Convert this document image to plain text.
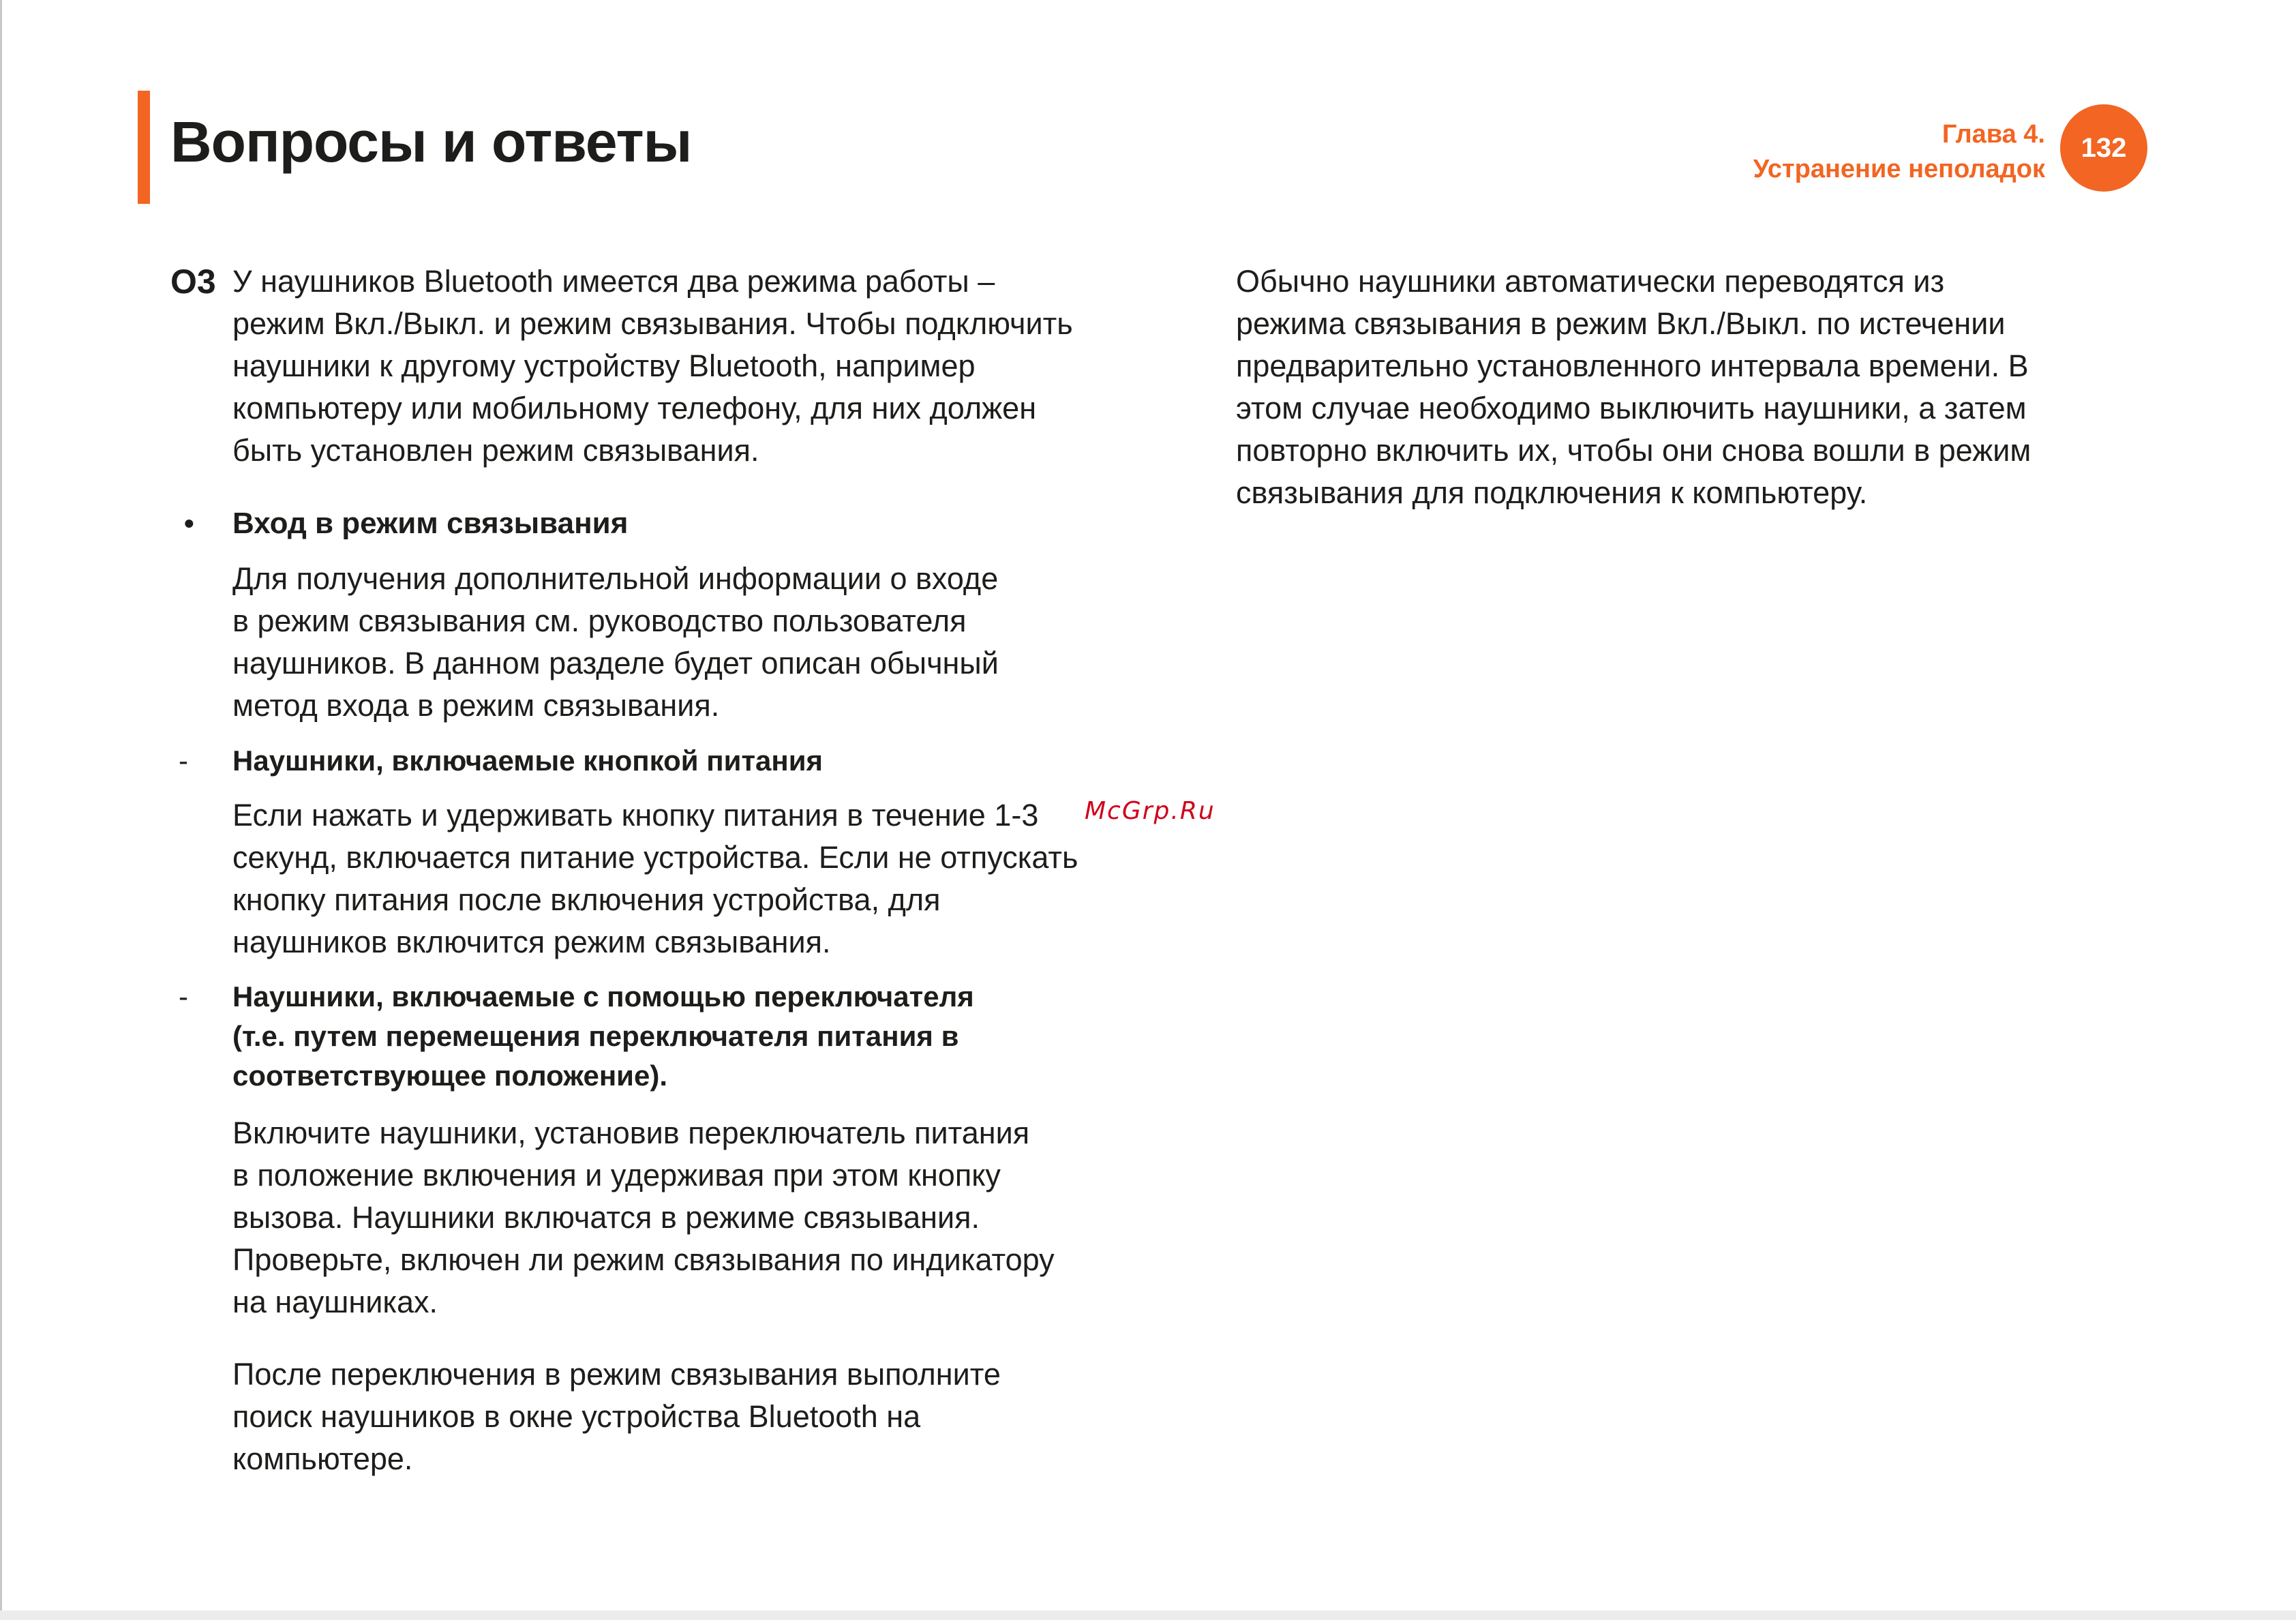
Вопросы и ответы	Глава 4.
Устранение неполадок
132
О3 У наушников Bluetooth имеется два режима работы –
режим Вкл./Выкл. и режим связывания. Чтобы подключить
наушники к другому устройству Bluetooth, например
компьютеру или мобильному телефону, для них должен
быть установлен режим связывания.
• Вход в режим связывания
Для получения дополнительной информации о входе
в режим связывания см. руководство пользователя
наушников. В данном разделе будет описан обычный
метод входа в режим связывания.
- Наушники, включаемые кнопкой питания
Если нажать и удерживать кнопку питания в течение 1-3
секунд, включается питание устройства. Если не отпускать
кнопку питания после включения устройства, для
наушников включится режим связывания.
- Наушники, включаемые с помощью переключателя
(т.е. путем перемещения переключателя питания в
соответствующее положение).
Включите наушники, установив переключатель питания
в положение включения и удерживая при этом кнопку
вызова. Наушники включатся в режиме связывания.
Проверьте, включен ли режим связывания по индикатору
на наушниках.
После переключения в режим связывания выполните
поиск наушников в окне устройства Bluetooth на
компьютере.
Обычно наушники автоматически переводятся из
режима связывания в режим Вкл./Выкл. по истечении
предварительно установленного интервала времени. В
этом случае необходимо выключить наушники, а затем
повторно включить их, чтобы они снова вошли в режим
связывания для подключения к компьютеру.
McGrp.Ru
